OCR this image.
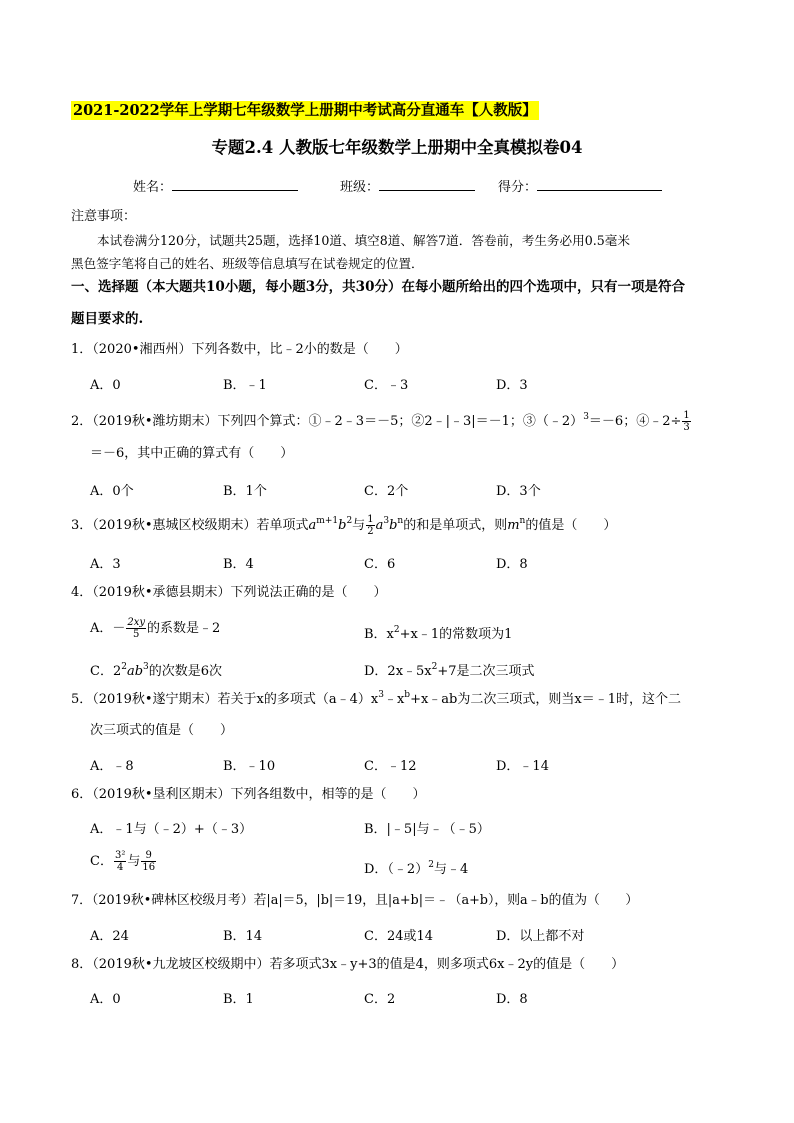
2021-2022学年上学期七年级数学上册期中考试高分直通车【人教版】
专题2.4 人教版七年级数学上册期中全真模拟卷04
姓名：	班级：	得分：
注意事项：
本试卷满分120分，试题共25题，选择10道、填空8道、解答7道．答卷前，考生务必用0.5毫米
黑色签字笔将自己的姓名、班级等信息填写在试卷规定的位置．
一、选择题（本大题共10小题，每小题3分，共30分）在每小题所给出的四个选项中，只有一项是符合
题目要求的.
1．（2020•湘西州）下列各数中，比﹣2小的数是（　　）
A．0	B．﹣1	C．﹣3	D．3
2．（2019秋•潍坊期末）下列四个算式：①﹣2﹣3＝－5；②2﹣|﹣3|＝－1；③（﹣2）$^3$＝－6；④﹣2÷ $\frac{1}{3}$
＝－6，其中正确的算式有（　　）
A．0个	B．1个	C．2个	D．3个
3．（2019秋•惠城区校级期末）若单项式$a^{m+1}b^2$与 $\frac{1}{2} a^3b^n$的和是单项式，则$m^n$的值是（　　）
A．3	B．4	C．6	D．8
4．（2019秋•承德县期末）下列说法正确的是（　　）
A．－ $\frac{2xy}{5}$ 的系数是﹣2	B．$x^2+x﹣1$的常数项为1
C．$2^2ab^3$的次数是6次	D．$2x﹣5x^2+7$是二次三项式
5．（2019秋•遂宁期末）若关于x的多项式$(a﹣4)x^3﹣x^b+x﹣ab$为二次三项式，则当x＝﹣1时，这个二
次三项式的值是（　　）
A．﹣8	B．﹣10	C．﹣12	D．﹣14
6．（2019秋•垦利区期末）下列各组数中，相等的是（　　）
A．﹣1与（﹣2）+（﹣3）	B．|﹣5|与﹣（﹣5）
C． $\frac{\text{3²}}{4}$ 与 $\frac{9}{16}$	D．（﹣2）$^2$与﹣4
7．（2019秋•碑林区校级月考）若|a|＝5，|b|＝19，且|a+b|＝﹣（a+b），则a﹣b的值为（　　）
A．24	B．14	C．24或14	D．以上都不对
8．（2019秋•九龙坡区校级期中）若多项式3x﹣y+3的值是4，则多项式6x﹣2y的值是（　　）
A．0	B．1	C．2	D．8
